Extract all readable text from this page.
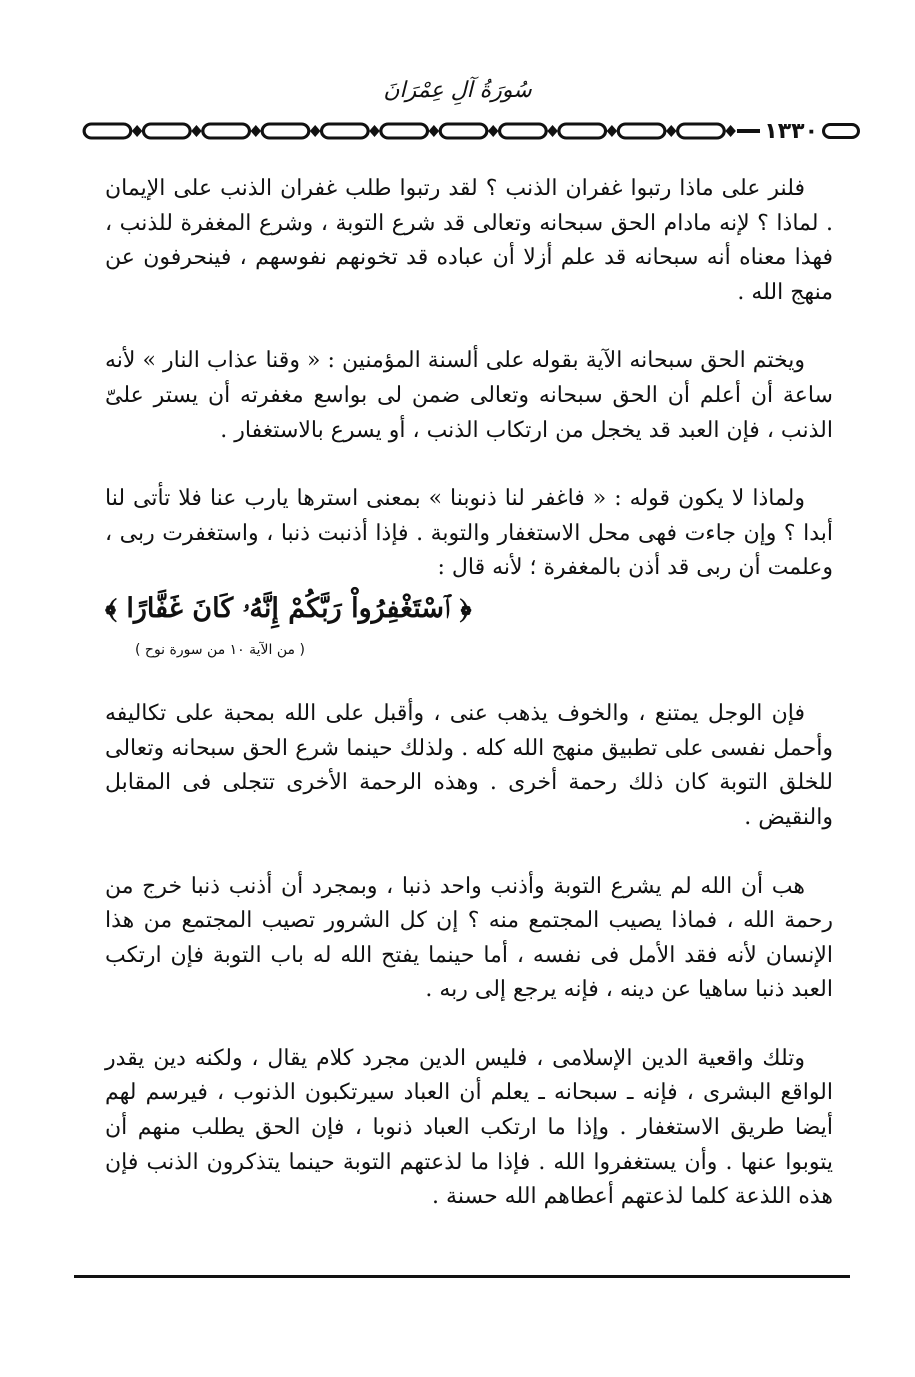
سُورَةُ آلِ عِمْرَانَ
١٣٣٠

فلنر على ماذا رتبوا غفران الذنب ؟ لقد رتبوا طلب غفران الذنب على الإيمان . لماذا ؟ لإنه مادام الحق سبحانه وتعالى قد شرع التوبة ، وشرع المغفرة للذنب ، فهذا معناه أنه سبحانه قد علم أزلا أن عباده قد تخونهم نفوسهم ، فينحرفون عن منهج الله .

ويختم الحق سبحانه الآية بقوله على ألسنة المؤمنين : « وقنا عذاب النار » لأنه ساعة أن أعلم أن الحق سبحانه وتعالى ضمن لى بواسع مغفرته أن يستر علىّ الذنب ، فإن العبد قد يخجل من ارتكاب الذنب ، أو يسرع بالاستغفار .

ولماذا لا يكون قوله : « فاغفر لنا ذنوبنا » بمعنى استرها يارب عنا فلا تأتى لنا أبدا ؟ وإن جاءت فهى محل الاستغفار والتوبة . فإذا أذنبت ذنبا ، واستغفرت ربى ، وعلمت أن ربى قد أذن بالمغفرة ؛ لأنه قال :

﴿ ٱسْتَغْفِرُواْ رَبَّكُمْ إِنَّهُۥ كَانَ غَفَّارًا ﴾
( من الآية ١٠ من سورة نوح )

فإن الوجل يمتنع ، والخوف يذهب عنى ، وأقبل على الله بمحبة على تكاليفه وأحمل نفسى على تطبيق منهج الله كله . ولذلك حينما شرع الحق سبحانه وتعالى للخلق التوبة كان ذلك رحمة أخرى . وهذه الرحمة الأخرى تتجلى فى المقابل والنقيض .

هب أن الله لم يشرع التوبة وأذنب واحد ذنبا ، وبمجرد أن أذنب ذنبا خرج من رحمة الله ، فماذا يصيب المجتمع منه ؟ إن كل الشرور تصيب المجتمع من هذا الإنسان لأنه فقد الأمل فى نفسه ، أما حينما يفتح الله له باب التوبة فإن ارتكب العبد ذنبا ساهيا عن دينه ، فإنه يرجع إلى ربه .

وتلك واقعية الدين الإسلامى ، فليس الدين مجرد كلام يقال ، ولكنه دين يقدر الواقع البشرى ، فإنه ـ سبحانه ـ يعلم أن العباد سيرتكبون الذنوب ، فيرسم لهم أيضا طريق الاستغفار . وإذا ما ارتكب العباد ذنوبا ، فإن الحق يطلب منهم أن يتوبوا عنها . وأن يستغفروا الله . فإذا ما لذعتهم التوبة حينما يتذكرون الذنب فإن هذه اللذعة كلما لذعتهم أعطاهم الله حسنة .
